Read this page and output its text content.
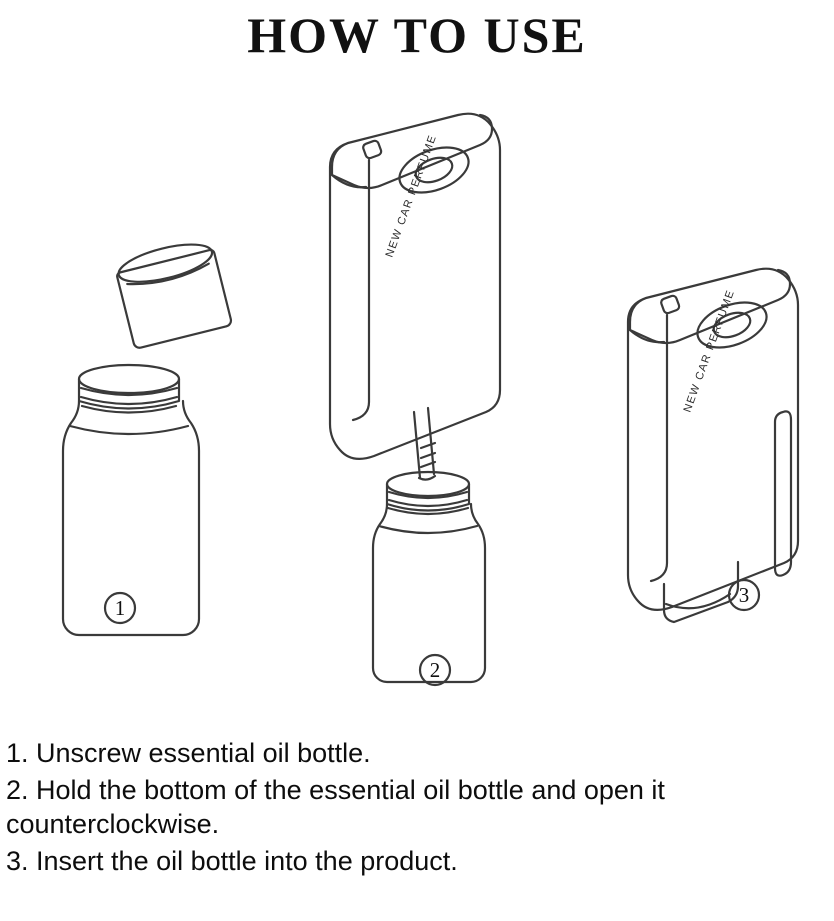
HOW TO USE
1
NEW CAR PERFUME
2
NEW CAR PERFUME
3

1. Unscrew essential oil bottle.

2. Hold the bottom of the essential oil bottle and open it counterclockwise.

3. Insert the oil bottle into the product.
